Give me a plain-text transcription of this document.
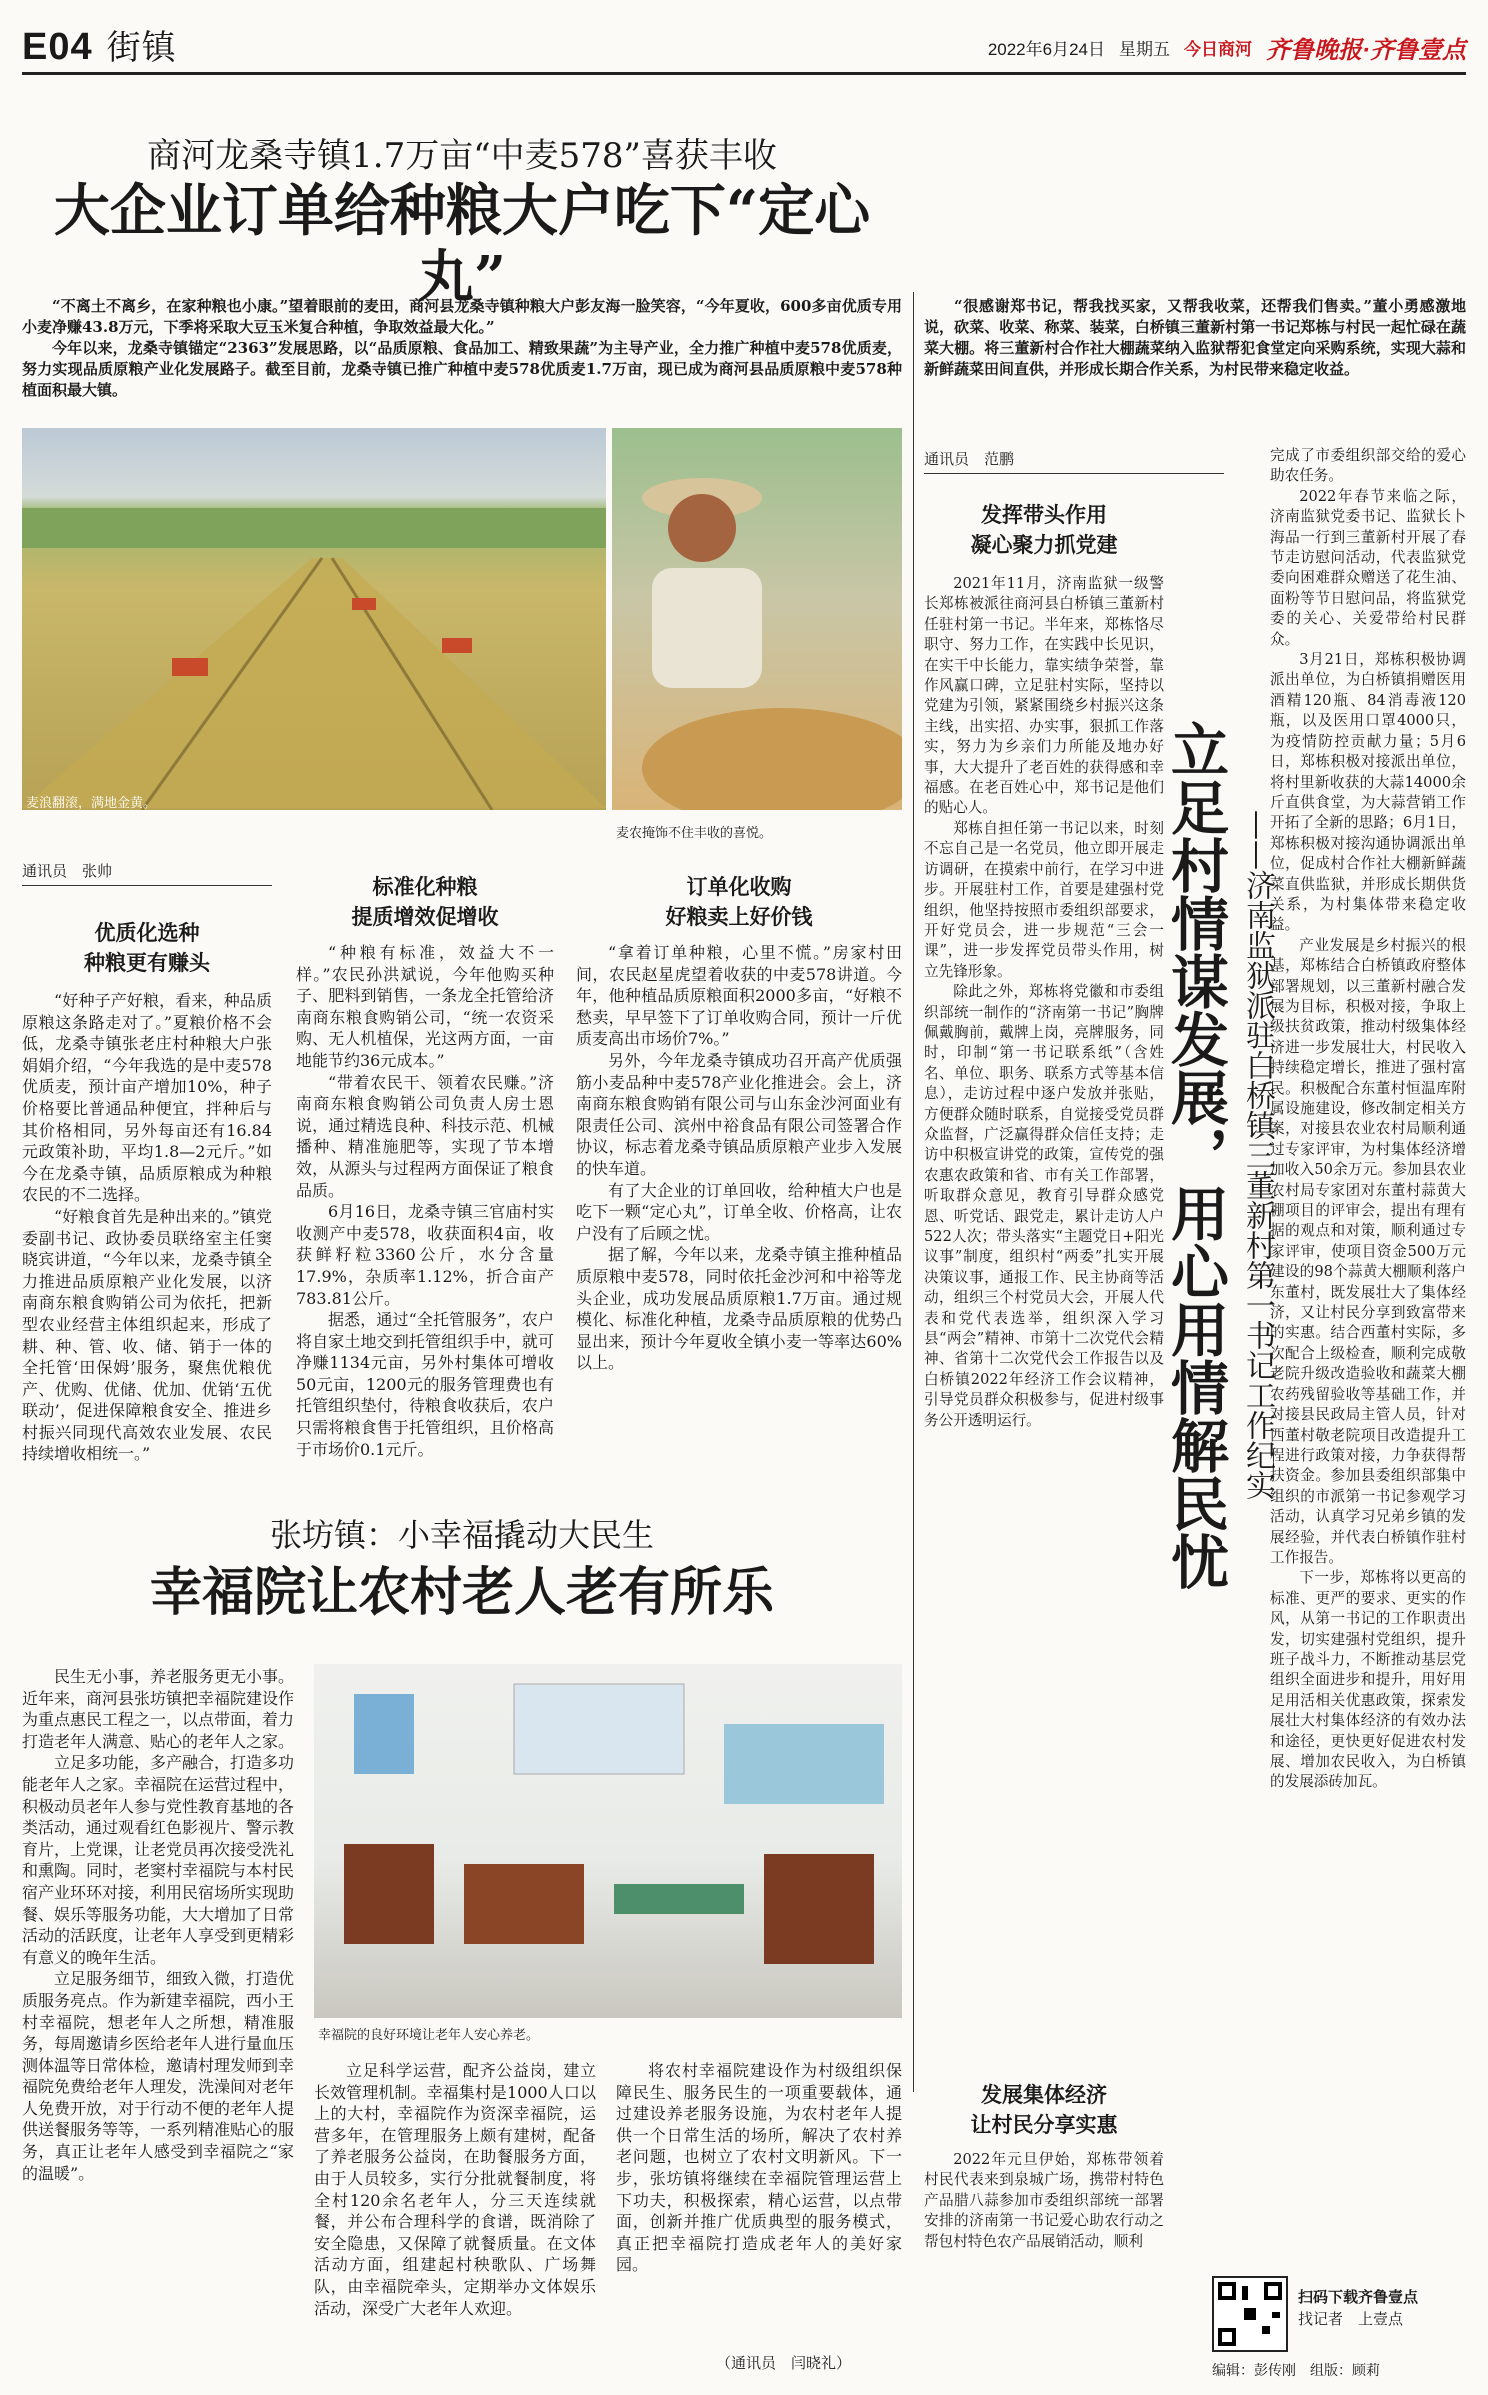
E04 街镇	2022年6月24日 星期五 今日商河 齐鲁晚报·齐鲁壹点
商河龙桑寺镇1.7万亩“中麦578”喜获丰收
大企业订单给种粮大户吃下“定心丸”

“不离土不离乡，在家种粮也小康。”望着眼前的麦田，商河县龙桑寺镇种粮大户彭友海一脸笑容，“今年夏收，600多亩优质专用小麦净赚43.8万元，下季将采取大豆玉米复合种植，争取效益最大化。”

今年以来，龙桑寺镇锚定“2363”发展思路，以“品质原粮、食品加工、精致果蔬”为主导产业，全力推广种植中麦578优质麦，努力实现品质原粮产业化发展路子。截至目前，龙桑寺镇已推广种植中麦578优质麦1.7万亩，现已成为商河县品质原粮中麦578种植面积最大镇。

麦浪翻滚，满地金黄。
麦农掩饰不住丰收的喜悦。
通讯员　张帅
优质化选种
种粮更有赚头

“好种子产好粮，看来，种品质原粮这条路走对了。”夏粮价格不会低，龙桑寺镇张老庄村种粮大户张娟娟介绍，“今年我选的是中麦578优质麦，预计亩产增加10%，种子价格要比普通品种便宜，拌种后与其价格相同，另外每亩还有16.84元政策补助，平均1.8—2元斤。”如今在龙桑寺镇，品质原粮成为种粮农民的不二选择。

“好粮食首先是种出来的。”镇党委副书记、政协委员联络室主任窦晓宾讲道，“今年以来，龙桑寺镇全力推进品质原粮产业化发展，以济南商东粮食购销公司为依托，把新型农业经营主体组织起来，形成了耕、种、管、收、储、销于一体的全托管‘田保姆’服务，聚焦优粮优产、优购、优储、优加、优销‘五优联动’，促进保障粮食安全、推进乡村振兴同现代高效农业发展、农民持续增收相统一。”

标准化种粮
提质增效促增收

“种粮有标准，效益大不一样。”农民孙洪斌说，今年他购买种子、肥料到销售，一条龙全托管给济南商东粮食购销公司，“统一农资采购、无人机植保，光这两方面，一亩地能节约36元成本。”

“带着农民干、领着农民赚。”济南商东粮食购销公司负责人房士恩说，通过精选良种、科技示范、机械播种、精准施肥等，实现了节本增效，从源头与过程两方面保证了粮食品质。

6月16日，龙桑寺镇三官庙村实收测产中麦578，收获面积4亩，收获鲜籽粒3360公斤，水分含量17.9%，杂质率1.12%，折合亩产783.81公斤。

据悉，通过“全托管服务”，农户将自家土地交到托管组织手中，就可净赚1134元亩，另外村集体可增收50元亩，1200元的服务管理费也有托管组织垫付，待粮食收获后，农户只需将粮食售于托管组织，且价格高于市场价0.1元斤。

订单化收购
好粮卖上好价钱

“拿着订单种粮，心里不慌。”房家村田间，农民赵星虎望着收获的中麦578讲道。今年，他种植品质原粮面积2000多亩，“好粮不愁卖，早早签下了订单收购合同，预计一斤优质麦高出市场价7%。”

另外，今年龙桑寺镇成功召开高产优质强筋小麦品种中麦578产业化推进会。会上，济南商东粮食购销有限公司与山东金沙河面业有限责任公司、滨州中裕食品有限公司签署合作协议，标志着龙桑寺镇品质原粮产业步入发展的快车道。

有了大企业的订单回收，给种植大户也是吃下一颗“定心丸”，订单全收、价格高，让农户没有了后顾之忧。

据了解，今年以来，龙桑寺镇主推种植品质原粮中麦578，同时依托金沙河和中裕等龙头企业，成功发展品质原粮1.7万亩。通过规模化、标准化种植，龙桑寺品质原粮的优势凸显出来，预计今年夏收全镇小麦一等率达60%以上。

张坊镇：小幸福撬动大民生
幸福院让农村老人老有所乐

民生无小事，养老服务更无小事。近年来，商河县张坊镇把幸福院建设作为重点惠民工程之一，以点带面，着力打造老年人满意、贴心的老年人之家。

立足多功能，多产融合，打造多功能老年人之家。幸福院在运营过程中，积极动员老年人参与党性教育基地的各类活动，通过观看红色影视片、警示教育片，上党课，让老党员再次接受洗礼和熏陶。同时，老窦村幸福院与本村民宿产业环环对接，利用民宿场所实现助餐、娱乐等服务功能，大大增加了日常活动的活跃度，让老年人享受到更精彩有意义的晚年生活。

立足服务细节，细致入微，打造优质服务亮点。作为新建幸福院，西小王村幸福院，想老年人之所想，精准服务，每周邀请乡医给老年人进行量血压测体温等日常体检，邀请村理发师到幸福院免费给老年人理发，洗澡间对老年人免费开放，对于行动不便的老年人提供送餐服务等等，一系列精准贴心的服务，真正让老年人感受到幸福院之“家的温暖”。

幸福院的良好环境让老年人安心养老。

立足科学运营，配齐公益岗，建立长效管理机制。幸福集村是1000人口以上的大村，幸福院作为资深幸福院，运营多年，在管理服务上颇有建树，配备了养老服务公益岗，在助餐服务方面，由于人员较多，实行分批就餐制度，将全村120余名老年人，分三天连续就餐，并公布合理科学的食谱，既消除了安全隐患，又保障了就餐质量。在文体活动方面，组建起村秧歌队、广场舞队，由幸福院牵头，定期举办文体娱乐活动，深受广大老年人欢迎。

将农村幸福院建设作为村级组织保障民生、服务民生的一项重要载体，通过建设养老服务设施，为农村老年人提供一个日常生活的场所，解决了农村养老问题，也树立了农村文明新风。下一步，张坊镇将继续在幸福院管理运营上下功夫，积极探索，精心运营，以点带面，创新并推广优质典型的服务模式，真正把幸福院打造成老年人的美好家园。

（通讯员　闫晓礼）

“很感谢郑书记，帮我找买家，又帮我收菜，还帮我们售卖。”董小勇感激地说，砍菜、收菜、称菜、装菜，白桥镇三董新村第一书记郑栋与村民一起忙碌在蔬菜大棚。将三董新村合作社大棚蔬菜纳入监狱帮犯食堂定向采购系统，实现大蒜和新鲜蔬菜田间直供，并形成长期合作关系，为村民带来稳定收益。

通讯员　范鹏
发挥带头作用
凝心聚力抓党建

2021年11月，济南监狱一级警长郑栋被派往商河县白桥镇三董新村任驻村第一书记。半年来，郑栋恪尽职守、努力工作，在实践中长见识，在实干中长能力，靠实绩争荣誉，靠作风赢口碑，立足驻村实际，坚持以党建为引领，紧紧围绕乡村振兴这条主线，出实招、办实事，狠抓工作落实，努力为乡亲们力所能及地办好事，大大提升了老百姓的获得感和幸福感。在老百姓心中，郑书记是他们的贴心人。

郑栋自担任第一书记以来，时刻不忘自己是一名党员，他立即开展走访调研，在摸索中前行，在学习中进步。开展驻村工作，首要是建强村党组织，他坚持按照市委组织部要求，开好党员会，进一步规范“三会一课”，进一步发挥党员带头作用，树立先锋形象。

除此之外，郑栋将党徽和市委组织部统一制作的“济南第一书记”胸牌佩戴胸前，戴牌上岗，亮牌服务，同时，印制“第一书记联系纸”（含姓名、单位、职务、联系方式等基本信息），走访过程中逐户发放并张贴，方便群众随时联系，自觉接受党员群众监督，广泛赢得群众信任支持；走访中积极宣讲党的政策，宣传党的强农惠农政策和省、市有关工作部署，听取群众意见，教育引导群众感党恩、听党话、跟党走，累计走访人户522人次；带头落实“主题党日+阳光议事”制度，组织村“两委”扎实开展决策议事，通报工作、民主协商等活动，组织三个村党员大会，开展人代表和党代表选举，组织深入学习县“两会”精神、市第十二次党代会精神、省第十二次党代会工作报告以及白桥镇2022年经济工作会议精神，引导党员群众积极参与，促进村级事务公开透明运行。

发展集体经济
让村民分享实惠

2022年元旦伊始，郑栋带领着村民代表来到泉城广场，携带村特色产品腊八蒜参加市委组织部统一部署安排的济南第一书记爱心助农行动之帮包村特色农产品展销活动，顺利

立足村情谋发展，用心用情解民忧 ——济南监狱派驻白桥镇三董新村第一书记工作纪实

完成了市委组织部交给的爱心助农任务。

2022年春节来临之际，济南监狱党委书记、监狱长卜海品一行到三董新村开展了春节走访慰问活动，代表监狱党委向困难群众赠送了花生油、面粉等节日慰问品，将监狱党委的关心、关爱带给村民群众。

3月21日，郑栋积极协调派出单位，为白桥镇捐赠医用酒精120瓶、84消毒液120瓶，以及医用口罩4000只，为疫情防控贡献力量；5月6日，郑栋积极对接派出单位，将村里新收获的大蒜14000余斤直供食堂，为大蒜营销工作开拓了全新的思路；6月1日，郑栋积极对接沟通协调派出单位，促成村合作社大棚新鲜蔬菜直供监狱，并形成长期供货关系，为村集体带来稳定收益。

产业发展是乡村振兴的根基，郑栋结合白桥镇政府整体部署规划，以三董新村融合发展为目标，积极对接，争取上级扶贫政策，推动村级集体经济进一步发展壮大，村民收入持续稳定增长，推进了强村富民。积极配合东董村恒温库附属设施建设，修改制定相关方案，对接县农业农村局顺利通过专家评审，为村集体经济增加收入50余万元。参加县农业农村局专家团对东董村蒜黄大棚项目的评审会，提出有理有据的观点和对策，顺利通过专家评审，使项目资金500万元建设的98个蒜黄大棚顺利落户东董村，既发展壮大了集体经济，又让村民分享到致富带来的实惠。结合西董村实际，多次配合上级检查，顺利完成敬老院升级改造验收和蔬菜大棚农药残留验收等基础工作，并对接县民政局主管人员，针对西董村敬老院项目改造提升工程进行政策对接，力争获得帮扶资金。参加县委组织部集中组织的市派第一书记参观学习活动，认真学习兄弟乡镇的发展经验，并代表白桥镇作驻村工作报告。

下一步，郑栋将以更高的标准、更严的要求、更实的作风，从第一书记的工作职责出发，切实建强村党组织，提升班子战斗力，不断推动基层党组织全面进步和提升，用好用足用活相关优惠政策，探索发展壮大村集体经济的有效办法和途径，更快更好促进农村发展、增加农民收入，为白桥镇的发展添砖加瓦。

扫码下载齐鲁壹点
找记者　上壹点
编辑：彭传刚　组版：顾莉
